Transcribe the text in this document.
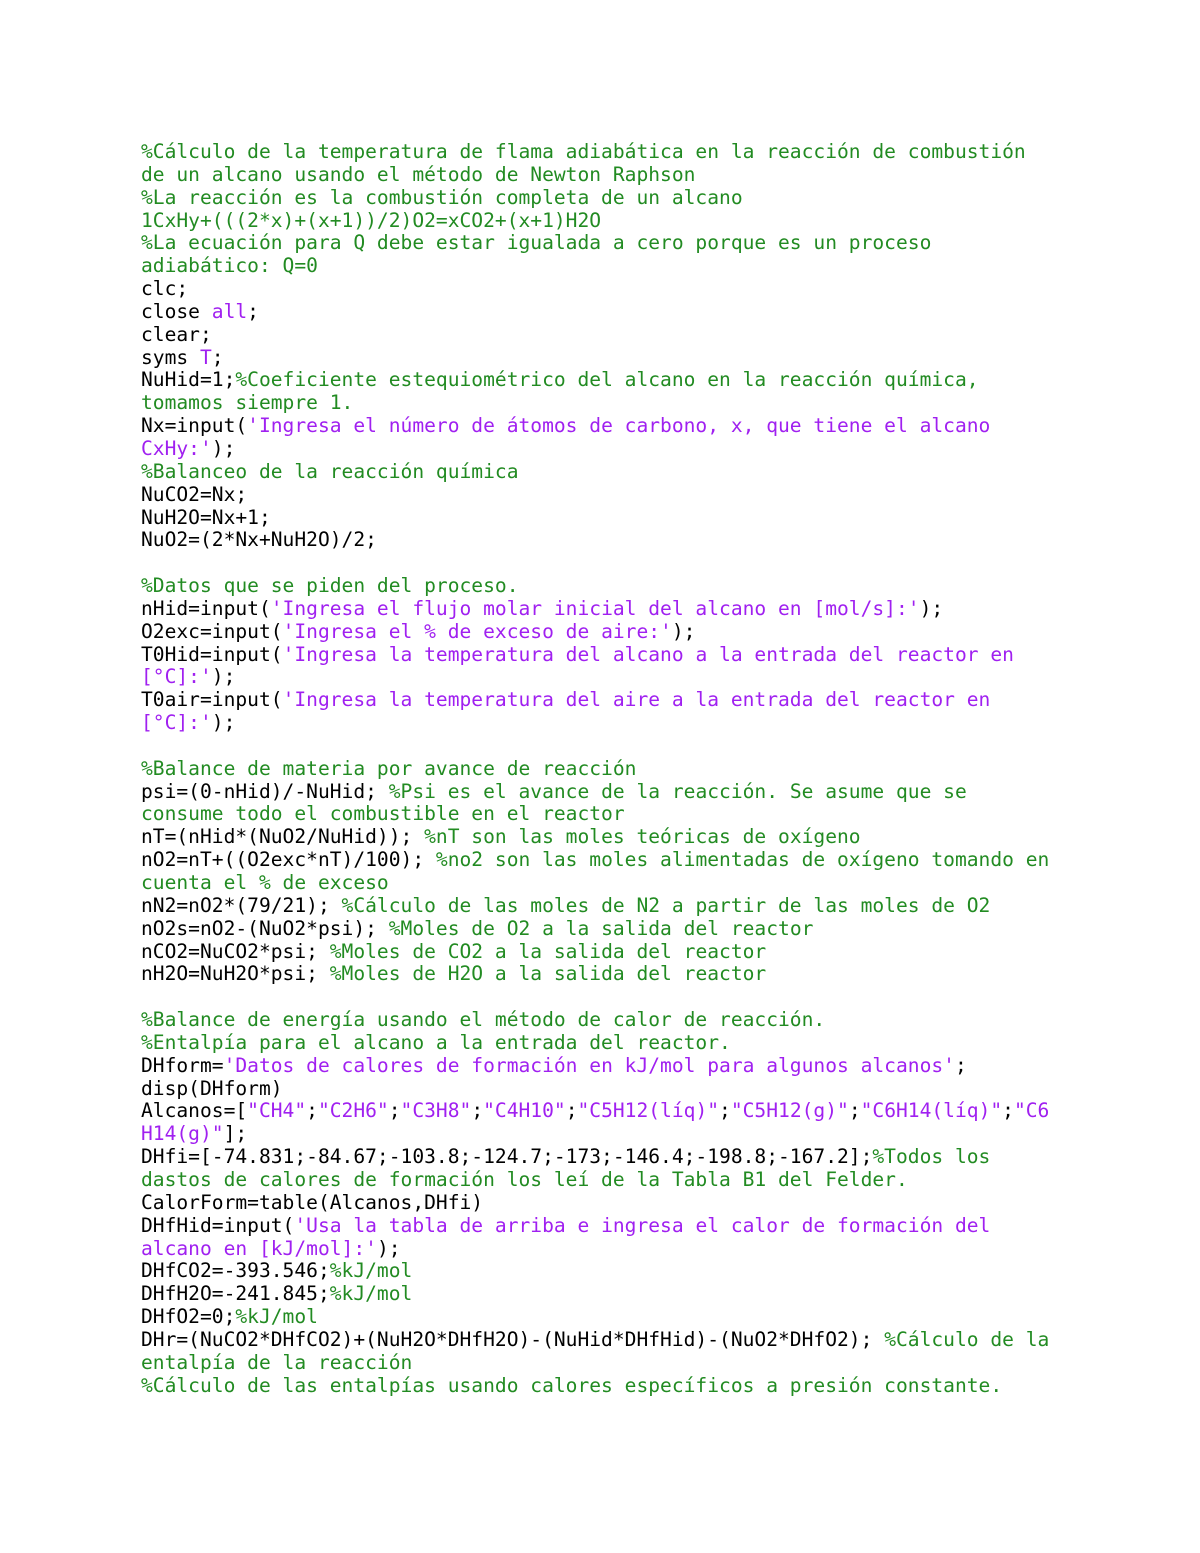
%Cálculo de la temperatura de flama adiabática en la reacción de combustión
de un alcano usando el método de Newton Raphson
%La reacción es la combustión completa de un alcano
1CxHy+(((2*x)+(x+1))/2)O2=xCO2+(x+1)H2O
%La ecuación para Q debe estar igualada a cero porque es un proceso
adiabático: Q=0
clc;
close all;
clear;
syms T;
NuHid=1;%Coeficiente estequiométrico del alcano en la reacción química,
tomamos siempre 1.
Nx=input('Ingresa el número de átomos de carbono, x, que tiene el alcano
CxHy:');
%Balanceo de la reacción química
NuCO2=Nx;
NuH2O=Nx+1;
NuO2=(2*Nx+NuH2O)/2;
%Datos que se piden del proceso.
nHid=input('Ingresa el flujo molar inicial del alcano en [mol/s]:');
O2exc=input('Ingresa el % de exceso de aire:');
T0Hid=input('Ingresa la temperatura del alcano a la entrada del reactor en
[°C]:');
T0air=input('Ingresa la temperatura del aire a la entrada del reactor en
[°C]:');
%Balance de materia por avance de reacción
psi=(0-nHid)/-NuHid; %Psi es el avance de la reacción. Se asume que se
consume todo el combustible en el reactor
nT=(nHid*(NuO2/NuHid)); %nT son las moles teóricas de oxígeno
nO2=nT+((O2exc*nT)/100); %no2 son las moles alimentadas de oxígeno tomando en
cuenta el % de exceso
nN2=nO2*(79/21); %Cálculo de las moles de N2 a partir de las moles de O2
nO2s=nO2-(NuO2*psi); %Moles de O2 a la salida del reactor
nCO2=NuCO2*psi; %Moles de CO2 a la salida del reactor
nH2O=NuH2O*psi; %Moles de H2O a la salida del reactor
%Balance de energía usando el método de calor de reacción.
%Entalpía para el alcano a la entrada del reactor.
DHform='Datos de calores de formación en kJ/mol para algunos alcanos';
disp(DHform)
Alcanos=["CH4";"C2H6";"C3H8";"C4H10";"C5H12(líq)";"C5H12(g)";"C6H14(líq)";"C6
H14(g)"];
DHfi=[-74.831;-84.67;-103.8;-124.7;-173;-146.4;-198.8;-167.2];%Todos los
dastos de calores de formación los leí de la Tabla B1 del Felder.
CalorForm=table(Alcanos,DHfi)
DHfHid=input('Usa la tabla de arriba e ingresa el calor de formación del
alcano en [kJ/mol]:');
DHfCO2=-393.546;%kJ/mol
DHfH2O=-241.845;%kJ/mol
DHfO2=0;%kJ/mol
DHr=(NuCO2*DHfCO2)+(NuH2O*DHfH2O)-(NuHid*DHfHid)-(NuO2*DHfO2); %Cálculo de la
entalpía de la reacción
%Cálculo de las entalpías usando calores específicos a presión constante.
